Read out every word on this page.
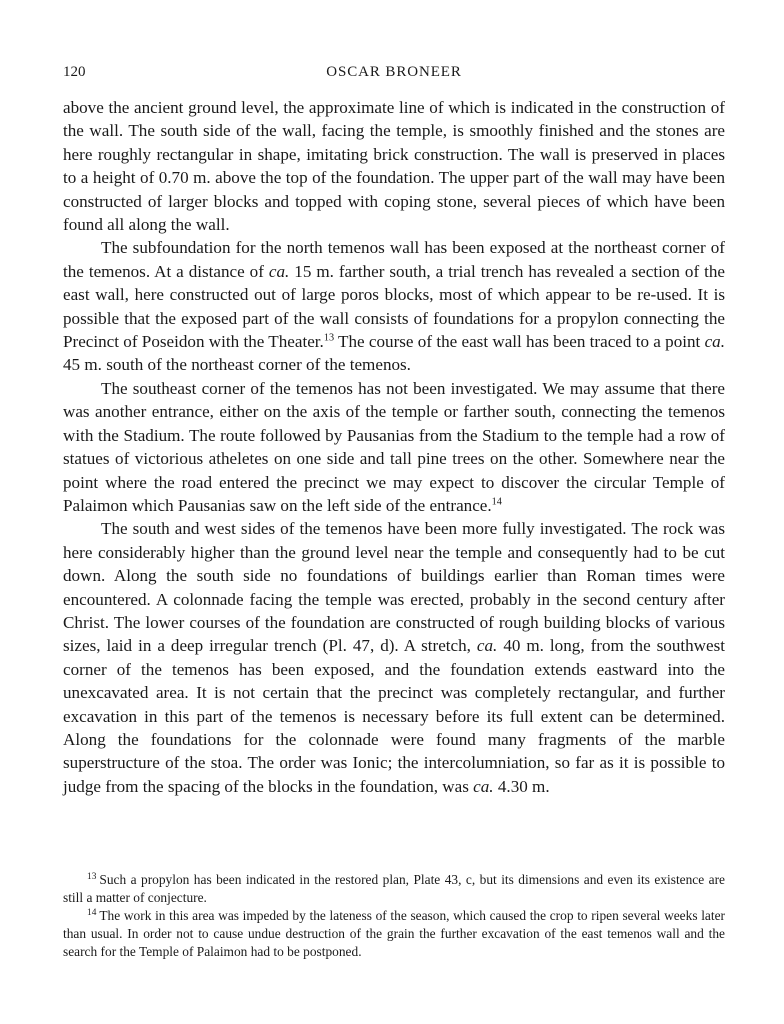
120	OSCAR BRONEER

above the ancient ground level, the approximate line of which is indicated in the construction of the wall. The south side of the wall, facing the temple, is smoothly finished and the stones are here roughly rectangular in shape, imitating brick construction. The wall is preserved in places to a height of 0.70 m. above the top of the foundation. The upper part of the wall may have been constructed of larger blocks and topped with coping stone, several pieces of which have been found all along the wall.

The subfoundation for the north temenos wall has been exposed at the northeast corner of the temenos. At a distance of ca. 15 m. farther south, a trial trench has revealed a section of the east wall, here constructed out of large poros blocks, most of which appear to be re-used. It is possible that the exposed part of the wall consists of foundations for a propylon connecting the Precinct of Poseidon with the Theater.$^{13}$ The course of the east wall has been traced to a point ca. 45 m. south of the northeast corner of the temenos.

The southeast corner of the temenos has not been investigated. We may assume that there was another entrance, either on the axis of the temple or farther south, connecting the temenos with the Stadium. The route followed by Pausanias from the Stadium to the temple had a row of statues of victorious atheletes on one side and tall pine trees on the other. Somewhere near the point where the road entered the precinct we may expect to discover the circular Temple of Palaimon which Pausanias saw on the left side of the entrance.$^{14}$

The south and west sides of the temenos have been more fully investigated. The rock was here considerably higher than the ground level near the temple and consequently had to be cut down. Along the south side no foundations of buildings earlier than Roman times were encountered. A colonnade facing the temple was erected, probably in the second century after Christ. The lower courses of the foundation are constructed of rough building blocks of various sizes, laid in a deep irregular trench (Pl. 47, d). A stretch, ca. 40 m. long, from the southwest corner of the temenos has been exposed, and the foundation extends eastward into the unexcavated area. It is not certain that the precinct was completely rectangular, and further excavation in this part of the temenos is necessary before its full extent can be determined. Along the foundations for the colonnade were found many fragments of the marble superstructure of the stoa. The order was Ionic; the intercolumniation, so far as it is possible to judge from the spacing of the blocks in the foundation, was ca. 4.30 m.

$^{13}$ Such a propylon has been indicated in the restored plan, Plate 43, c, but its dimensions and even its existence are still a matter of conjecture.

$^{14}$ The work in this area was impeded by the lateness of the season, which caused the crop to ripen several weeks later than usual. In order not to cause undue destruction of the grain the further excavation of the east temenos wall and the search for the Temple of Palaimon had to be postponed.
